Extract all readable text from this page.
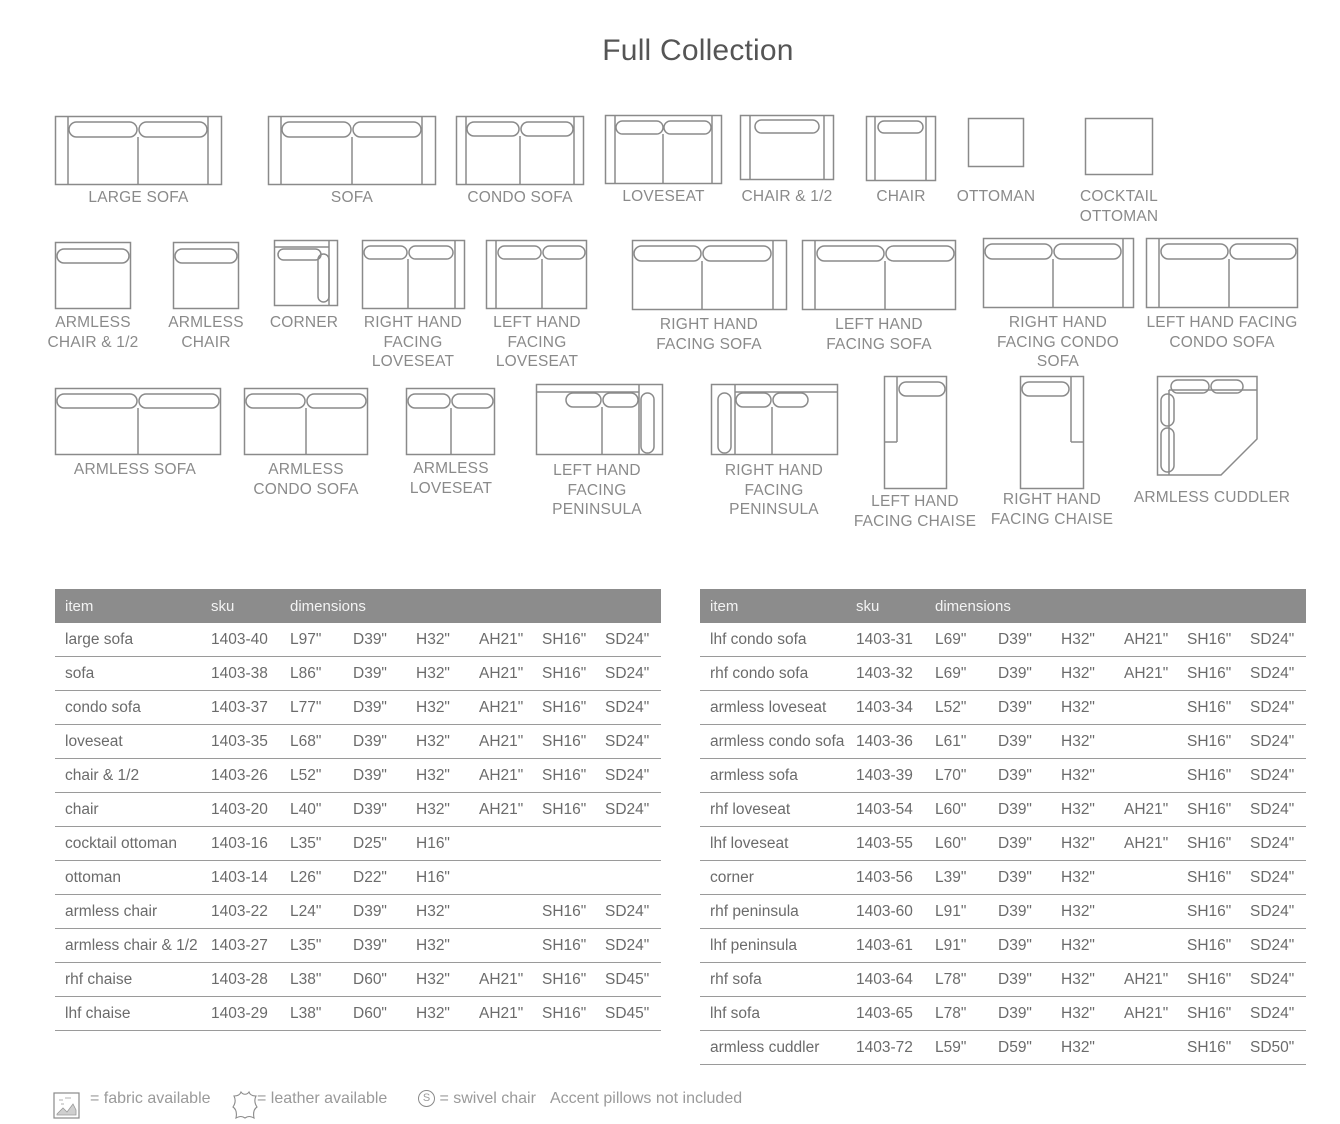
Full Collection
LARGE SOFA	SOFA	CONDO SOFA	LOVESEAT	CHAIR & 1/2	CHAIR	OTTOMAN	COCKTAIL
OTTOMAN
ARMLESS
CHAIR & 1/2
ARMLESS
CHAIR
CORNER	RIGHT HAND
FACING
LOVESEAT
LEFT HAND
FACING
LOVESEAT
RIGHT HAND
FACING SOFA
LEFT HAND
FACING SOFA
RIGHT HAND
FACING CONDO
SOFA
LEFT HAND FACING
CONDO SOFA
ARMLESS SOFA	ARMLESS
CONDO SOFA
ARMLESS
LOVESEAT
LEFT HAND
FACING
PENINSULA
RIGHT HAND
FACING
PENINSULA	LEFT HAND
FACING CHAISE
RIGHT HAND
FACING CHAISE
ARMLESS CUDDLER
item	sku	dimensions					
large sofa	1403-40	L97"	D39"	H32"	AH21"	SH16"	SD24"
sofa	1403-38	L86"	D39"	H32"	AH21"	SH16"	SD24"
condo sofa	1403-37	L77"	D39"	H32"	AH21"	SH16"	SD24"
loveseat	1403-35	L68"	D39"	H32"	AH21"	SH16"	SD24"
chair & 1/2	1403-26	L52"	D39"	H32"	AH21"	SH16"	SD24"
chair	1403-20	L40"	D39"	H32"	AH21"	SH16"	SD24"
cocktail ottoman	1403-16	L35"	D25"	H16"			
ottoman	1403-14	L26"	D22"	H16"			
armless chair	1403-22	L24"	D39"	H32"		SH16"	SD24"
armless chair & 1/2	1403-27	L35"	D39"	H32"		SH16"	SD24"
rhf chaise	1403-28	L38"	D60"	H32"	AH21"	SH16"	SD45"
lhf chaise	1403-29	L38"	D60"	H32"	AH21"	SH16"	SD45"
item	sku	dimensions					
lhf condo sofa	1403-31	L69"	D39"	H32"	AH21"	SH16"	SD24"
rhf condo sofa	1403-32	L69"	D39"	H32"	AH21"	SH16"	SD24"
armless loveseat	1403-34	L52"	D39"	H32"		SH16"	SD24"
armless condo sofa	1403-36	L61"	D39"	H32"		SH16"	SD24"
armless sofa	1403-39	L70"	D39"	H32"		SH16"	SD24"
rhf loveseat	1403-54	L60"	D39"	H32"	AH21"	SH16"	SD24"
lhf loveseat	1403-55	L60"	D39"	H32"	AH21"	SH16"	SD24"
corner	1403-56	L39"	D39"	H32"		SH16"	SD24"
rhf peninsula	1403-60	L91"	D39"	H32"		SH16"	SD24"
lhf peninsula	1403-61	L91"	D39"	H32"		SH16"	SD24"
rhf sofa	1403-64	L78"	D39"	H32"	AH21"	SH16"	SD24"
lhf sofa	1403-65	L78"	D39"	H32"	AH21"	SH16"	SD24"
armless cuddler	1403-72	L59"	D59"	H32"		SH16"	SD50"
= fabric available	= leather available	S = swivel chair Accent pillows not included
